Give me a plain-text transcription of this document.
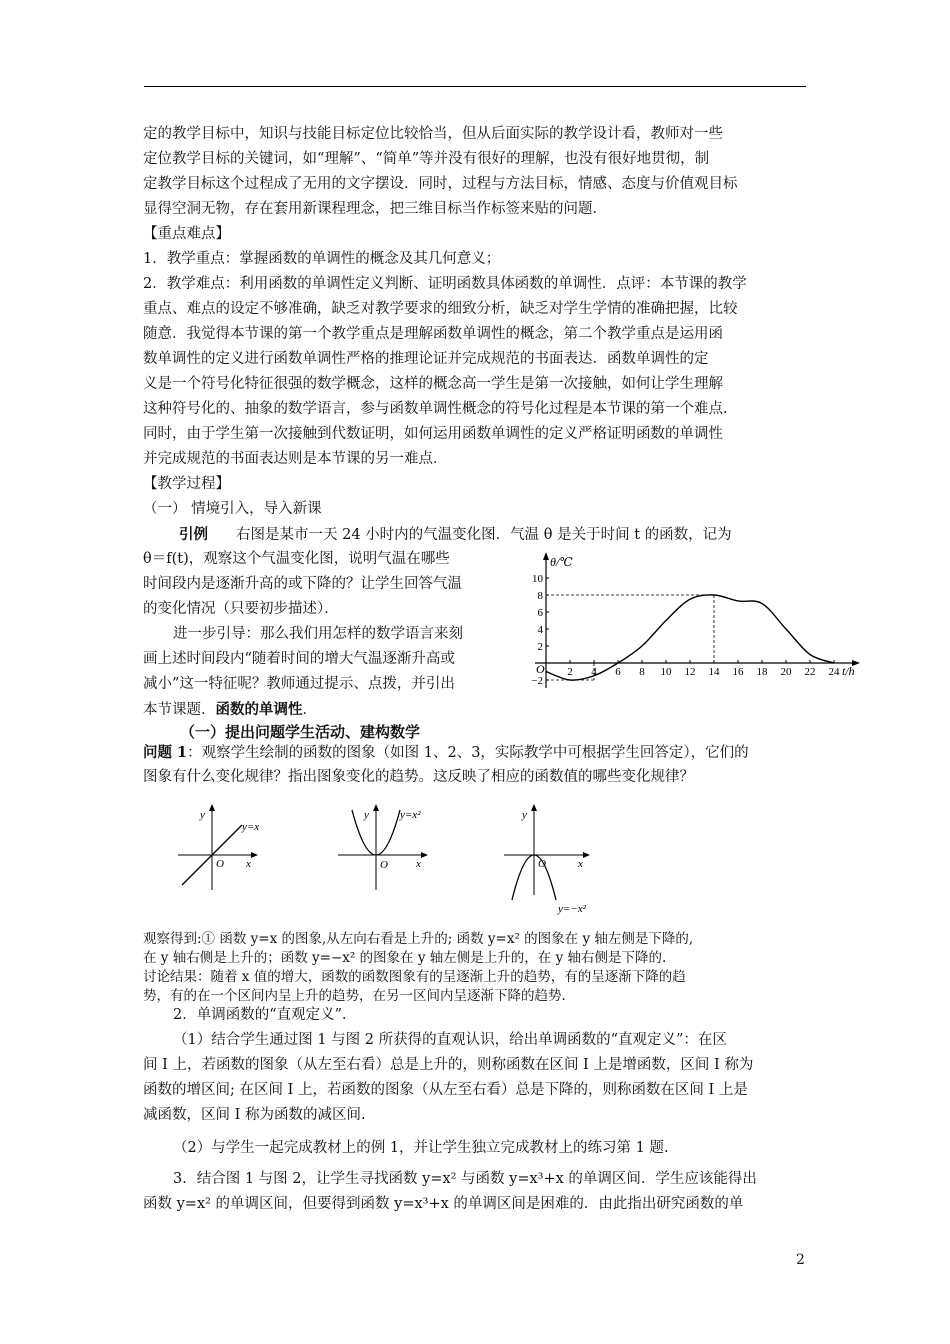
定的教学目标中，知识与技能目标定位比较恰当，但从后面实际的教学设计看，教师对一些
定位教学目标的关键词，如“理解”、“简单”等并没有很好的理解，也没有很好地贯彻，制
定教学目标这个过程成了无用的文字摆设．同时，过程与方法目标，情感、态度与价值观目标
显得空洞无物，存在套用新课程理念，把三维目标当作标签来贴的问题．
【重点难点】
1．教学重点：掌握函数的单调性的概念及其几何意义；
2．教学难点：利用函数的单调性定义判断、证明函数具体函数的单调性．点评：本节课的教学
重点、难点的设定不够准确，缺乏对教学要求的细致分析，缺乏对学生学情的准确把握，比较
随意．我觉得本节课的第一个教学重点是理解函数单调性的概念，第二个教学重点是运用函
数单调性的定义进行函数单调性严格的推理论证并完成规范的书面表达．函数单调性的定
义是一个符号化特征很强的数学概念，这样的概念高一学生是第一次接触，如何让学生理解
这种符号化的、抽象的数学语言，参与函数单调性概念的符号化过程是本节课的第一个难点.
同时，由于学生第一次接触到代数证明，如何运用函数单调性的定义严格证明函数的单调性
并完成规范的书面表达则是本节课的另一难点．
【教学过程】
（一） 情境引入，导入新课
引例 右图是某市一天 24 小时内的气温变化图．气温 θ 是关于时间 t 的函数，记为
θ＝f(t)，观察这个气温变化图，说明气温在哪些
时间段内是逐渐升高的或下降的？让学生回答气温
的变化情况（只要初步描述）．
进一步引导：那么我们用怎样的数学语言来刻
画上述时间段内“随着时间的增大气温逐渐升高或
减小”这一特征呢？教师通过提示、点拨，并引出
本节课题．函数的单调性．
θ/℃
t/h
O 2 4 6 8 10 12 14 16 18 20 22 24
10
8
6
4
2
−2
（一）提出问题学生活动、建构数学
问题 1：观察学生绘制的函数的图象（如图 1、2、3，实际教学中可根据学生回答定），它们的
图象有什么变化规律？指出图象变化的趋势。这反映了相应的函数值的哪些变化规律？
y
x
O
y=x
y
x
O
y=x²	y
x
O
y=−x²
观察得到:① 函数 y=x 的图象,从左向右看是上升的; 函数 y=x² 的图象在 y 轴左侧是下降的,
在 y 轴右侧是上升的；函数 y=−x² 的图象在 y 轴左侧是上升的，在 y 轴右侧是下降的.
讨论结果：随着 x 值的增大，函数的函数图象有的呈逐渐上升的趋势，有的呈逐渐下降的趋
势，有的在一个区间内呈上升的趋势，在另一区间内呈逐渐下降的趋势.
2．单调函数的“直观定义”．
（1）结合学生通过图 1 与图 2 所获得的直观认识，给出单调函数的“直观定义”：在区
间 I 上，若函数的图象（从左至右看）总是上升的，则称函数在区间 I 上是增函数，区间 I 称为
函数的增区间; 在区间 I 上，若函数的图象（从左至右看）总是下降的，则称函数在区间 I 上是
减函数，区间 I 称为函数的减区间.
（2）与学生一起完成教材上的例 1，并让学生独立完成教材上的练习第 1 题.
3．结合图 1 与图 2，让学生寻找函数 y=x² 与函数 y=x³+x 的单调区间．学生应该能得出
函数 y=x² 的单调区间，但要得到函数 y=x³+x 的单调区间是困难的．由此指出研究函数的单
2
